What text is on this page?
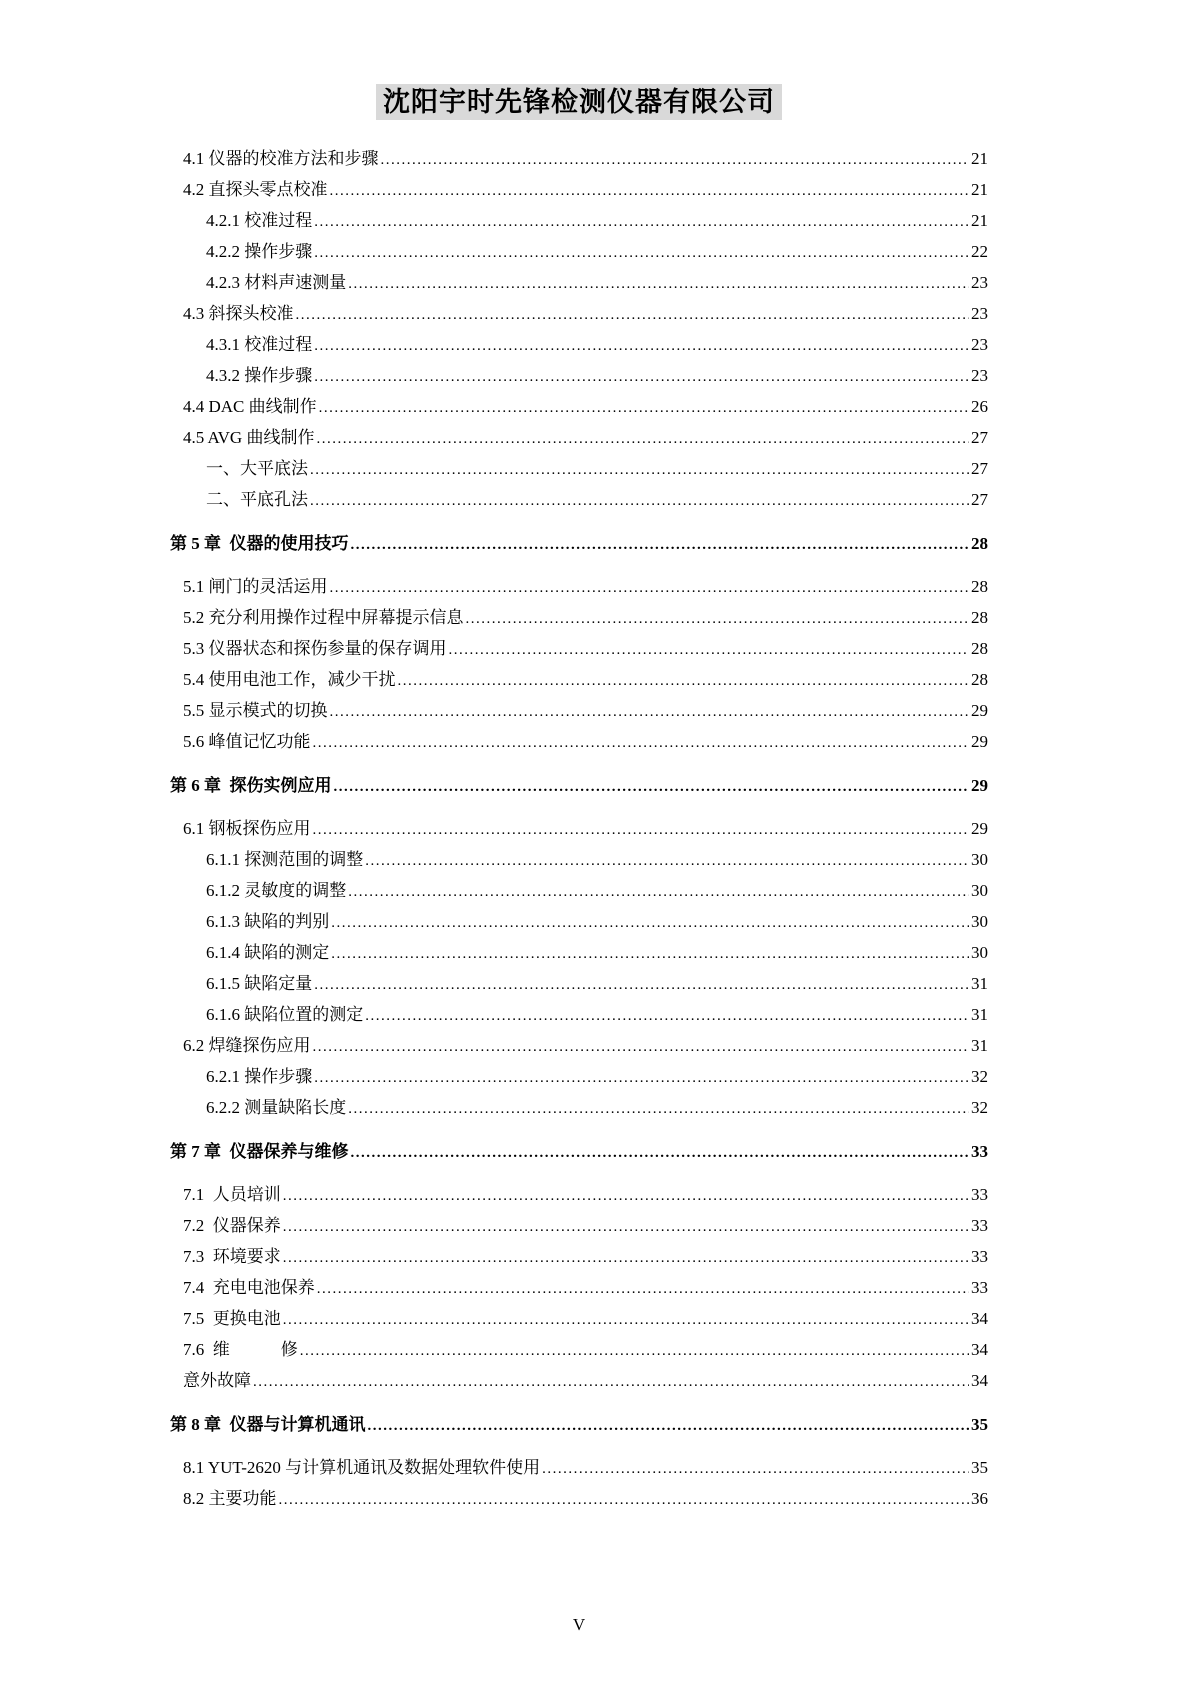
沈阳宇时先锋检测仪器有限公司
4.1 仪器的校准方法和步骤 .....	21
4.2 直探头零点校准 .....	21
4.2.1 校准过程 .....	21
4.2.2 操作步骤 .....	22
4.2.3 材料声速测量 .....	23
4.3 斜探头校准 .....	23
4.3.1 校准过程 .....	23
4.3.2 操作步骤 .....	23
4.4 DAC 曲线制作 .....	26
4.5 AVG 曲线制作 .....	27
一、大平底法 .....	27
二、平底孔法 .....	27
第 5 章  仪器的使用技巧 .....	28
5.1 闸门的灵活运用 .....	28
5.2 充分利用操作过程中屏幕提示信息 .....	28
5.3 仪器状态和探伤参量的保存调用 .....	28
5.4 使用电池工作，减少干扰 .....	28
5.5 显示模式的切换 .....	29
5.6 峰值记忆功能 .....	29
第 6 章  探伤实例应用 .....	29
6.1 钢板探伤应用 .....	29
6.1.1 探测范围的调整 .....	30
6.1.2 灵敏度的调整 .....	30
6.1.3 缺陷的判别 .....	30
6.1.4 缺陷的测定 .....	30
6.1.5 缺陷定量 .....	31
6.1.6 缺陷位置的测定 .....	31
6.2 焊缝探伤应用 .....	31
6.2.1 操作步骤 .....	32
6.2.2 测量缺陷长度 .....	32
第 7 章  仪器保养与维修 .....	33
7.1  人员培训 .....	33
7.2  仪器保养 .....	33
7.3  环境要求 .....	33
7.4  充电电池保养 .....	33
7.5  更换电池 .....	34
7.6  维　　　修 .....	34
意外故障 .....	34
第 8 章  仪器与计算机通讯 .....	35
8.1 YUT-2620 与计算机通讯及数据处理软件使用 .....	35
8.2 主要功能 .....	36
V
